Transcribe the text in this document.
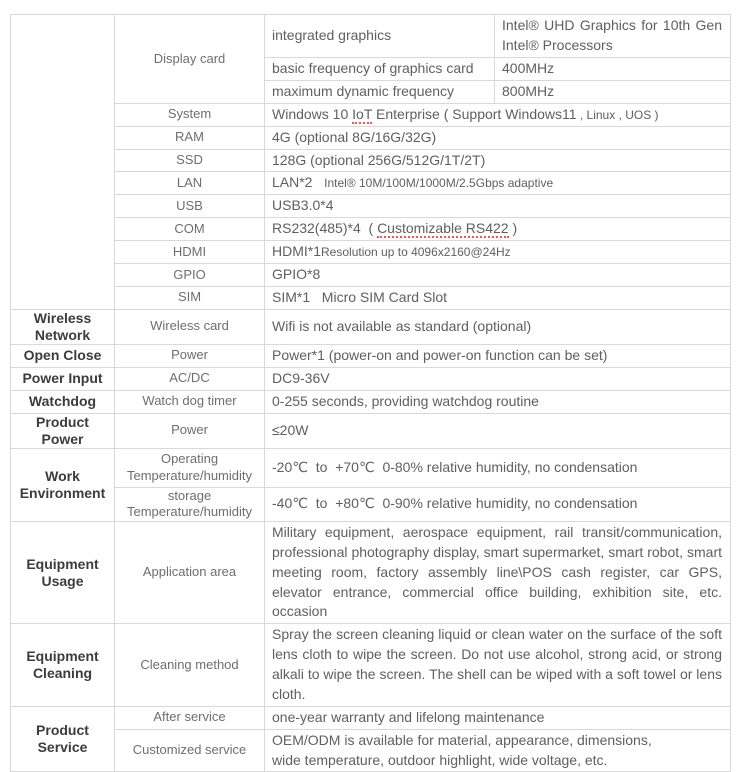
	Display card	integrated graphics	Intel® UHD Graphics for 10th Gen Intel® Processors
		basic frequency of graphics card	400MHz
		maximum dynamic frequency	800MHz
	System	Windows 10 IoT Enterprise ( Support Windows11 , Linux , UOS )	
	RAM	4G (optional 8G/16G/32G)	
	SSD	128G (optional 256G/512G/1T/2T)	
	LAN	LAN*2   Intel® 10M/100M/1000M/2.5Gbps adaptive	
	USB	USB3.0*4	
	COM	RS232(485)*4  ( Customizable RS422 )	
	HDMI	HDMI*1Resolution up to 4096x2160@24Hz	
	GPIO	GPIO*8	
	SIM	SIM*1   Micro SIM Card Slot	
Wireless Network	Wireless card	Wifi is not available as standard (optional)	
Open Close	Power	Power*1 (power-on and power-on function can be set)	
Power Input	AC/DC	DC9-36V	
Watchdog	Watch dog timer	0-255 seconds, providing watchdog routine	
Product Power	Power	≤20W	
Work Environment	Operating Temperature/humidity	-20℃  to  +70℃  0-80% relative humidity, no condensation	
	storage Temperature/humidity	-40℃  to  +80℃  0-90% relative humidity, no condensation	
Equipment Usage	Application area	Military equipment, aerospace equipment, rail transit/communication, professional photography display, smart supermarket, smart robot, smart meeting room, factory assembly line\POS cash register, car GPS, elevator entrance, commercial office building, exhibition site, etc. occasion	
Equipment Cleaning	Cleaning method	Spray the screen cleaning liquid or clean water on the surface of the soft lens cloth to wipe the screen. Do not use alcohol, strong acid, or strong alkali to wipe the screen. The shell can be wiped with a soft towel or lens cloth.	
Product Service	After service	one-year warranty and lifelong maintenance	
	Customized service	OEM/ODM is available for material, appearance, dimensions,
wide temperature, outdoor highlight, wide voltage, etc.	
